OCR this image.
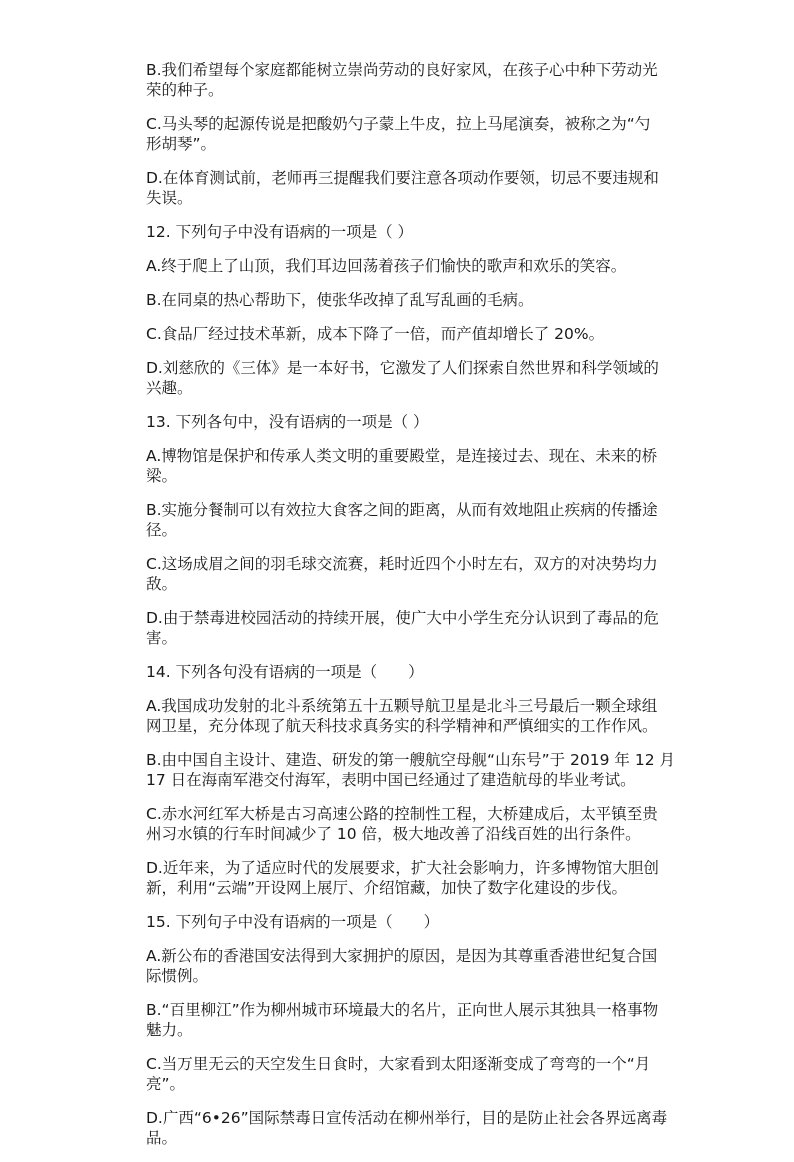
B.我们希望每个家庭都能树立崇尚劳动的良好家风，在孩子心中种下劳动光
荣的种子。
C.马头琴的起源传说是把酸奶勺子蒙上牛皮，拉上马尾演奏，被称之为“勺
形胡琴”。
D.在体育测试前，老师再三提醒我们要注意各项动作要领，切忌不要违规和
失误。
12. 下列句子中没有语病的一项是（ ）
A.终于爬上了山顶，我们耳边回荡着孩子们愉快的歌声和欢乐的笑容。
B.在同桌的热心帮助下，使张华改掉了乱写乱画的毛病。
C.食品厂经过技术革新，成本下降了一倍，而产值却增长了 20%。
D.刘慈欣的《三体》是一本好书，它激发了人们探索自然世界和科学领域的
兴趣。
13. 下列各句中，没有语病的一项是（ ）
A.博物馆是保护和传承人类文明的重要殿堂，是连接过去、现在、未来的桥
梁。
B.实施分餐制可以有效拉大食客之间的距离，从而有效地阻止疾病的传播途
径。
C.这场成眉之间的羽毛球交流赛，耗时近四个小时左右，双方的对决势均力
敌。
D.由于禁毒进校园活动的持续开展，使广大中小学生充分认识到了毒品的危
害。
14. 下列各句没有语病的一项是（　　）
A.我国成功发射的北斗系统第五十五颗导航卫星是北斗三号最后一颗全球组
网卫星，充分体现了航天科技求真务实的科学精神和严慎细实的工作作风。
B.由中国自主设计、建造、研发的第一艘航空母舰“山东号”于 2019 年 12 月
17 日在海南军港交付海军，表明中国已经通过了建造航母的毕业考试。
C.赤水河红军大桥是古习高速公路的控制性工程，大桥建成后，太平镇至贵
州习水镇的行车时间减少了 10 倍，极大地改善了沿线百姓的出行条件。
D.近年来，为了适应时代的发展要求，扩大社会影响力，许多博物馆大胆创
新，利用“云端”开设网上展厅、介绍馆藏，加快了数字化建设的步伐。
15. 下列句子中没有语病的一项是（　　）
A.新公布的香港国安法得到大家拥护的原因，是因为其尊重香港世纪复合国
际惯例。
B.“百里柳江”作为柳州城市环境最大的名片，正向世人展示其独具一格事物
魅力。
C.当万里无云的天空发生日食时，大家看到太阳逐渐变成了弯弯的一个“月
亮”。
D.广西“6•26”国际禁毒日宣传活动在柳州举行，目的是防止社会各界远离毒
品。
